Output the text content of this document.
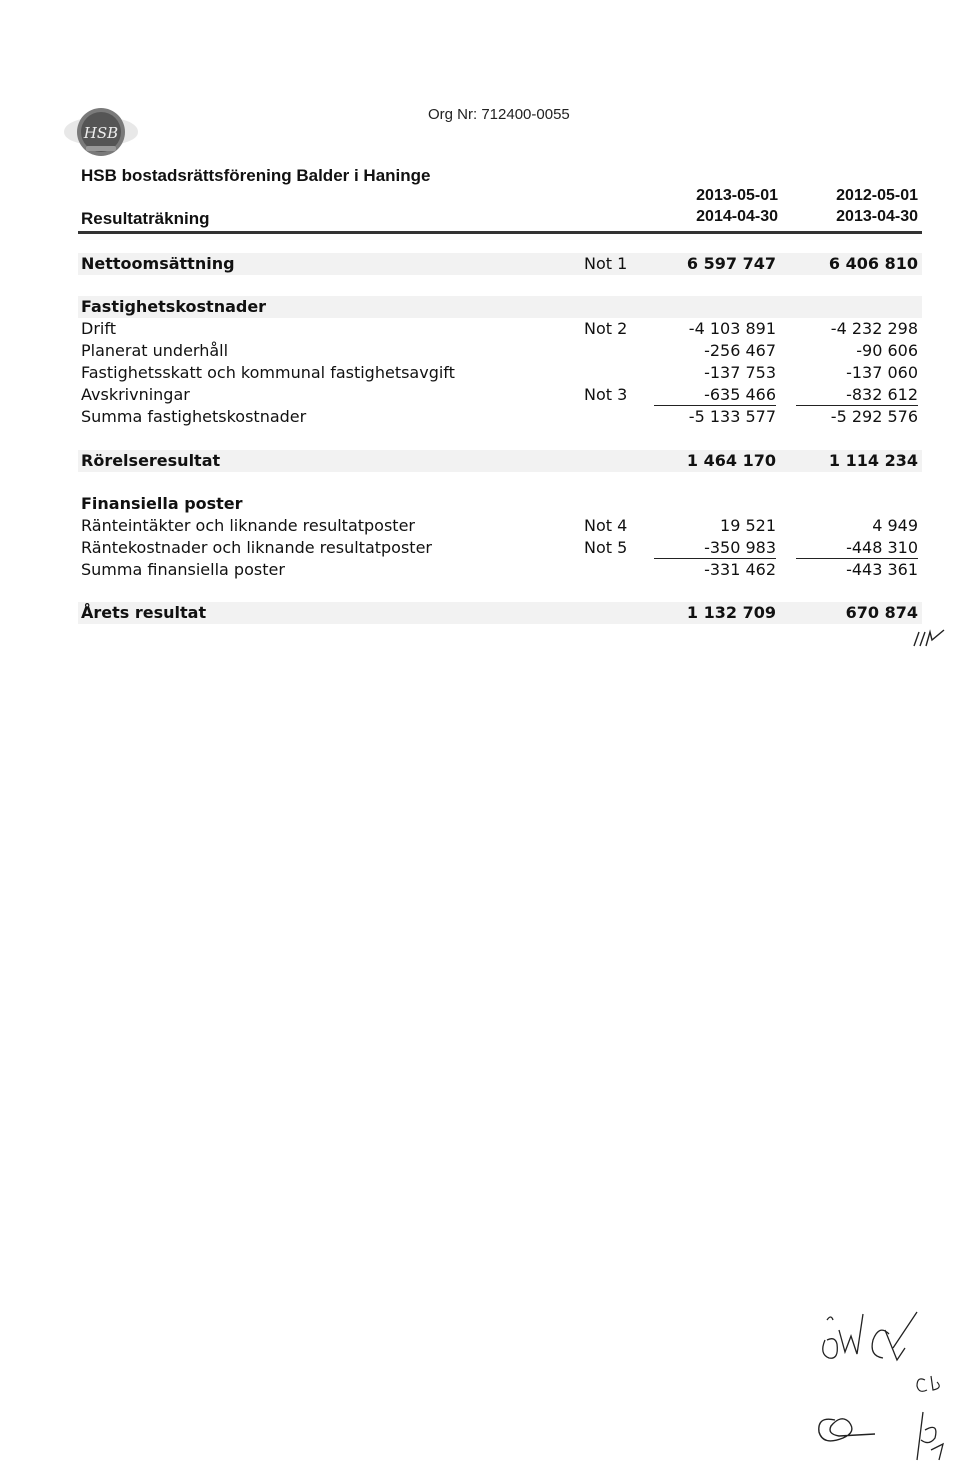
HSB
Org Nr: 712400-0055
HSB bostadsrättsförening Balder i Haninge
Resultaträkning
2013-05-01
2014-04-30
2012-05-01
2013-04-30
Nettoomsättning	Not 1	6 597 747	6 406 810
Fastighetskostnader
Drift	Not 2	-4 103 891	-4 232 298
Planerat underhåll	-256 467	-90 606
Fastighetsskatt och kommunal fastighetsavgift	-137 753	-137 060
Avskrivningar	Not 3	-635 466	-832 612
Summa fastighetskostnader	-5 133 577	-5 292 576
Rörelseresultat	1 464 170	1 114 234
Finansiella poster
Ränteintäkter och liknande resultatposter	Not 4	19 521	4 949
Räntekostnader och liknande resultatposter	Not 5	-350 983	-448 310
Summa finansiella poster	-331 462	-443 361
Årets resultat	1 132 709	670 874
